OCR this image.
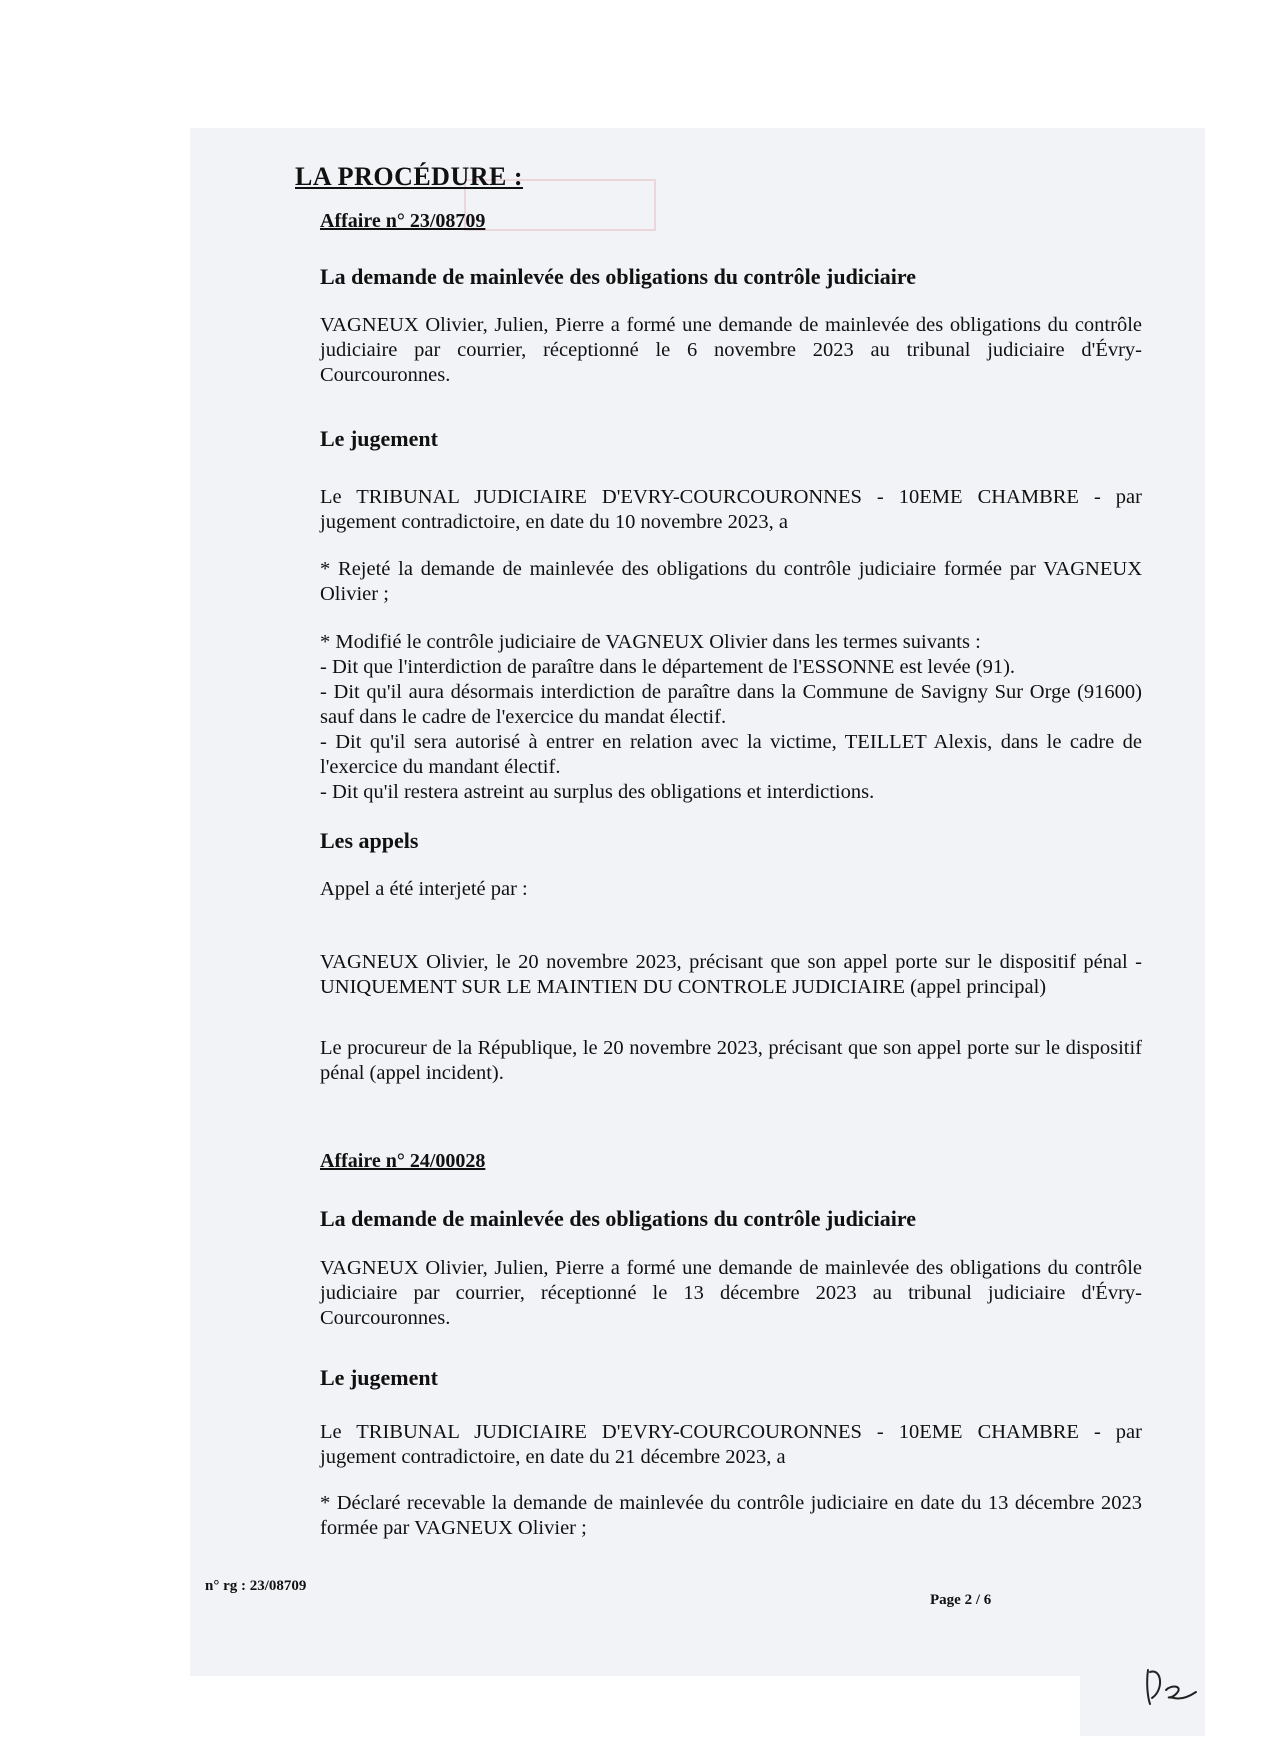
LA PROCÉDURE :
Affaire n° 23/08709
La demande de mainlevée des obligations du contrôle judiciaire
VAGNEUX Olivier, Julien, Pierre a formé une demande de mainlevée des obligations du contrôle judiciaire par courrier, réceptionné le 6 novembre 2023 au tribunal judiciaire d'Évry-Courcouronnes.
Le jugement
Le TRIBUNAL JUDICIAIRE D'EVRY-COURCOURONNES - 10EME CHAMBRE - par jugement contradictoire, en date du 10 novembre 2023, a
* Rejeté la demande de mainlevée des obligations du contrôle judiciaire formée par VAGNEUX Olivier ;

* Modifié le contrôle judiciaire de VAGNEUX Olivier dans les termes suivants :

- Dit que l'interdiction de paraître dans le département de l'ESSONNE est levée (91).

- Dit qu'il aura désormais interdiction de paraître dans la Commune de Savigny Sur Orge (91600) sauf dans le cadre de l'exercice du mandat électif.

- Dit qu'il sera autorisé à entrer en relation avec la victime, TEILLET Alexis, dans le cadre de l'exercice du mandant électif.

- Dit qu'il restera astreint au surplus des obligations et interdictions.

Les appels
Appel a été interjeté par :
VAGNEUX Olivier, le 20 novembre 2023, précisant que son appel porte sur le dispositif pénal - UNIQUEMENT SUR LE MAINTIEN DU CONTROLE JUDICIAIRE (appel principal)
Le procureur de la République, le 20 novembre 2023, précisant que son appel porte sur le dispositif pénal (appel incident).
Affaire n° 24/00028
La demande de mainlevée des obligations du contrôle judiciaire
VAGNEUX Olivier, Julien, Pierre a formé une demande de mainlevée des obligations du contrôle judiciaire par courrier, réceptionné le 13 décembre 2023 au tribunal judiciaire d'Évry-Courcouronnes.
Le jugement
Le TRIBUNAL JUDICIAIRE D'EVRY-COURCOURONNES - 10EME CHAMBRE - par jugement contradictoire, en date du 21 décembre 2023, a
* Déclaré recevable la demande de mainlevée du contrôle judiciaire en date du 13 décembre 2023 formée par VAGNEUX Olivier ;
n° rg : 23/08709
Page 2 / 6
